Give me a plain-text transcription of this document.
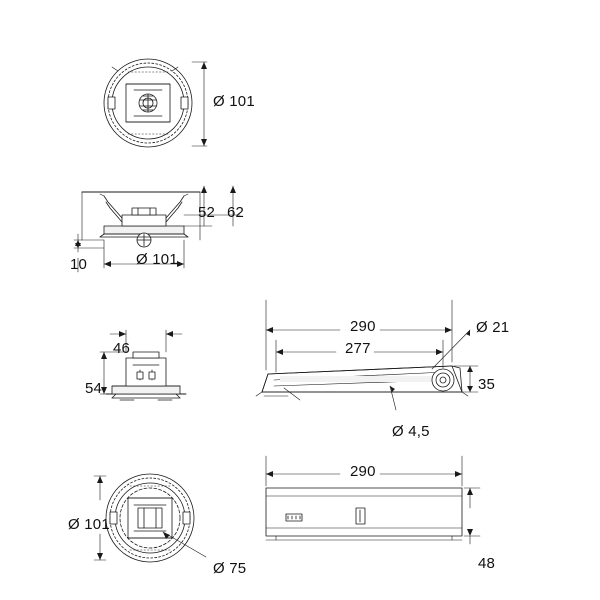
Ø 101
52 62
10	Ø 101
46
54
290	Ø 21
277
35
Ø 4,5
Ø 101
Ø 75
290
48
